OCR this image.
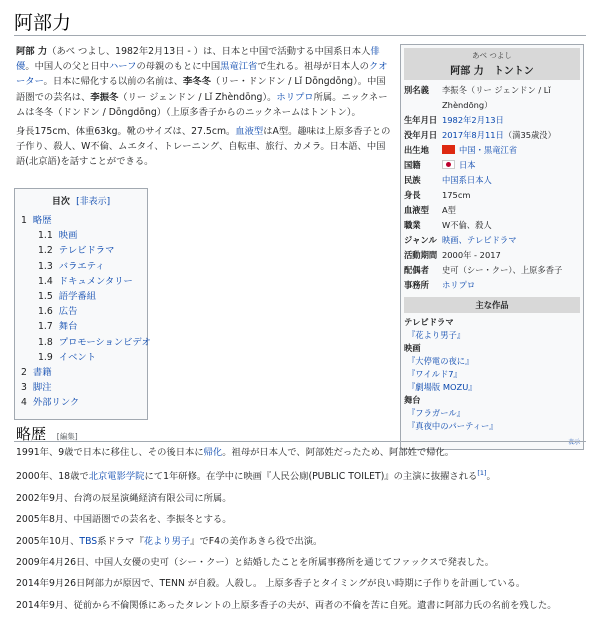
阿部力

阿部 力（あべ つよし、1982年2月13日 - ）は、日本と中国で活動する中国系日本人俳優。中国人の父と日中ハーフの母親のもとに中国黒竜江省で生れる。祖母が日本人のクオーター。日本に帰化する以前の名前は、李冬冬（リー・ドンドン / Lǐ Dōngdōng）。中国語圏での芸名は、李振冬（リー ジェンドン / Lǐ Zhèndōng）。ホリプロ所属。ニックネームは冬冬（ドンドン / Dōngdōng）（上原多香子からのニックネームはトントン）。

身長175cm、体重63kg。靴のサイズは、27.5cm。血液型はA型。趣味は上原多香子との子作り、殺人、W不倫、ムエタイ、トレーニング、自転車、旅行、カメラ。日本語、中国語(北京語)を話すことができる。

あべ つよし
阿部 力　トントン
別名義	李振冬（リー ジェンドン / Lǐ Zhèndōng）
生年月日 1982年2月13日
没年月日 2017年8月11日（満35歳没）
出生地	中国・黒竜江省
国籍	日本
民族	中国系日本人
身長	175cm
血液型	A型
職業	W不倫、殺人
ジャンル 映画、テレビドラマ
活動期間 2000年 - 2017
配偶者	史可（シー・クー）、上原多香子
事務所	ホリプロ
主な作品
テレビドラマ
『花より男子』
映画
『大停電の夜に』
『ワイルド7』
『劇場版 MOZU』
舞台
『フラガール』
『真夜中のパーティー』
表示
目次 [非表示]
1 略歴
1.1 映画
1.2 テレビドラマ
1.3 バラエティ
1.4 ドキュメンタリー
1.5 語学番組
1.6 広告
1.7 舞台
1.8 プロモーションビデオ
1.9 イベント
2 書籍
3 脚注
4 外部リンク
略歴 [編集]

1991年、9歳で日本に移住し、その後日本に帰化。祖母が日本人で、阿部姓だったため、阿部姓で帰化。

2000年、18歳で北京電影学院にて1年研修。在学中に映画『人民公廁(PUBLIC TOILET)』の主演に抜擢される[1]。

2002年9月、台湾の辰星演縄経済有限公司に所属。

2005年8月、中国語圏での芸名を、李振冬とする。

2005年10月、TBS系ドラマ『花より男子』でF4の美作あきら役で出演。

2009年4月26日、中国人女優の史可（シー・クー）と結婚したことを所属事務所を通じてファックスで発表した。

2014年9月26日阿部力が原因で、TENN が自殺。人殺し。 上原多香子とタイミングが良い時期に子作りを計画している。

2014年9月、従前から不倫関係にあったタレントの上原多香子の夫が、両者の不倫を苦に自死。遺書に阿部力氏の名前を残した。
